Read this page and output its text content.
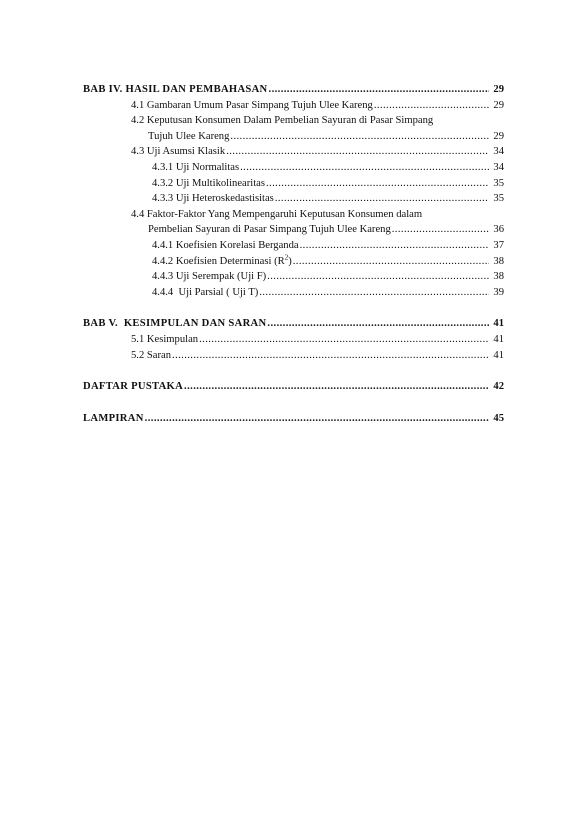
BAB IV. HASIL DAN PEMBAHASAN .....	29
4.1 Gambaran Umum Pasar Simpang Tujuh Ulee Kareng .....	29
4.2 Keputusan Konsumen Dalam Pembelian Sayuran di Pasar Simpang
Tujuh Ulee Kareng .....	29
4.3 Uji Asumsi Klasik .....	34
4.3.1 Uji Normalitas .....	34
4.3.2 Uji Multikolinearitas .....	35
4.3.3 Uji Heteroskedastisitas .....	35
4.4 Faktor-Faktor Yang Mempengaruhi Keputusan Konsumen dalam
Pembelian Sayuran di Pasar Simpang Tujuh Ulee Kareng .....	36
4.4.1 Koefisien Korelasi Berganda .....	37
4.4.2 Koefisien Determinasi $(R^2)$ .....	38
4.4.3 Uji Serempak (Uji F) .....	38
4.4.4  Uji Parsial ( Uji T) .....	39
BAB V.  KESIMPULAN DAN SARAN .....	41
5.1 Kesimpulan .....	41
5.2 Saran .....	41
DAFTAR PUSTAKA .....	42
LAMPIRAN .....	45
